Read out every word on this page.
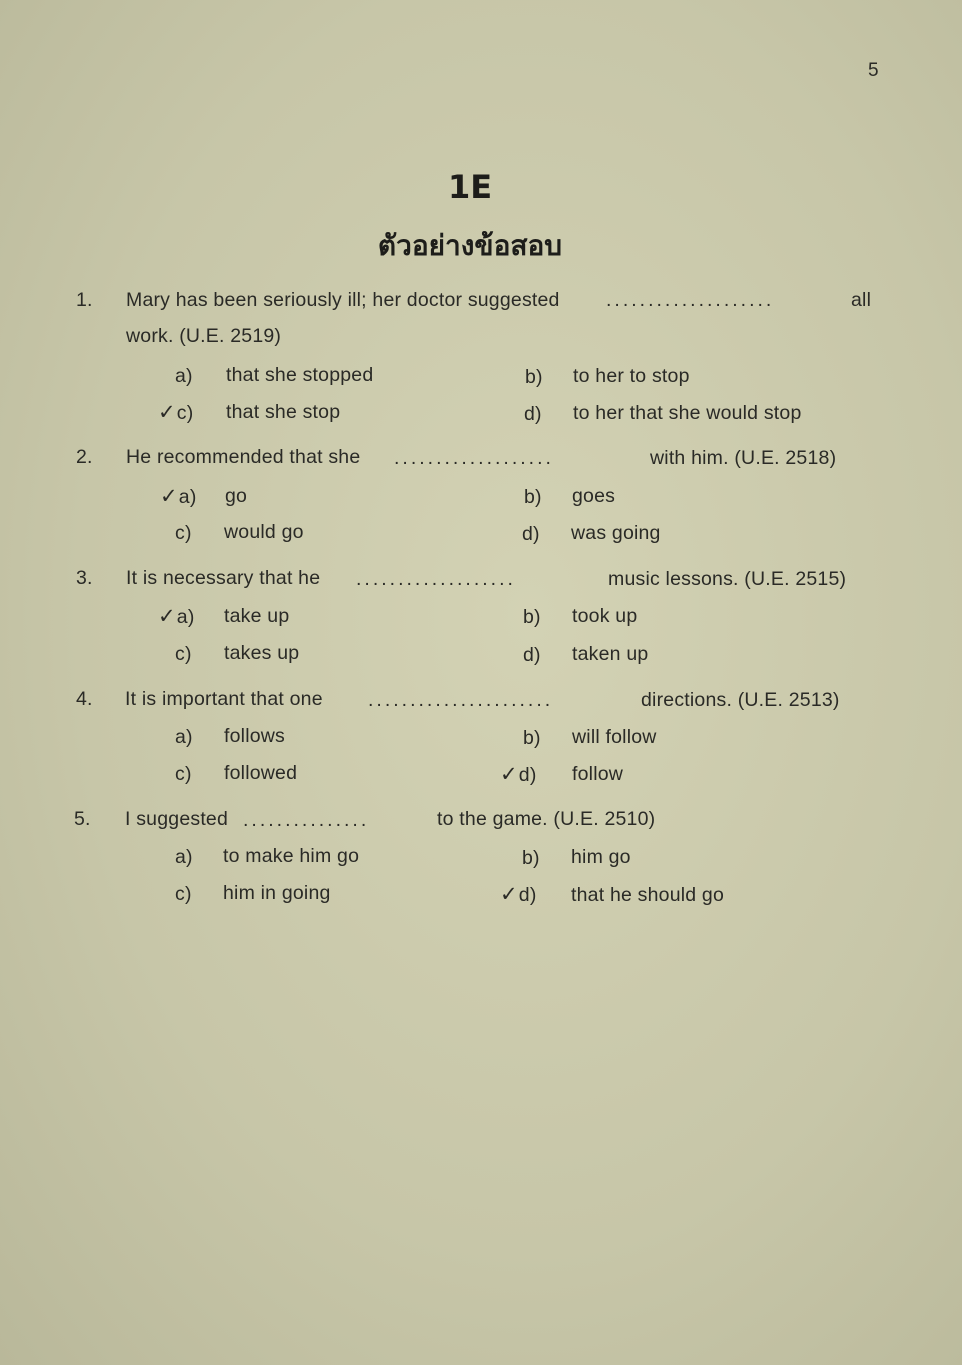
5
1E
ตัวอย่างข้อสอบ
1. Mary has been seriously ill; her doctor suggested ....................	all
work. (U.E. 2519)
a) that she stopped	b) to her to stop
✓c) that she stop	d) to her that she would stop
2. He recommended that she ...................	with him. (U.E. 2518)
✓a) go	b) goes
c) would go	d) was going
3. It is necessary that he ...................	music lessons. (U.E. 2515)
✓a) take up	b) took up
c) takes up	d) taken up
4. It is important that one ......................	directions. (U.E. 2513)
a) follows	b) will follow
c) followed	✓d) follow
5. I suggested ...............	to the game. (U.E. 2510)
a) to make him go	b) him go
c) him in going	✓d) that he should go
